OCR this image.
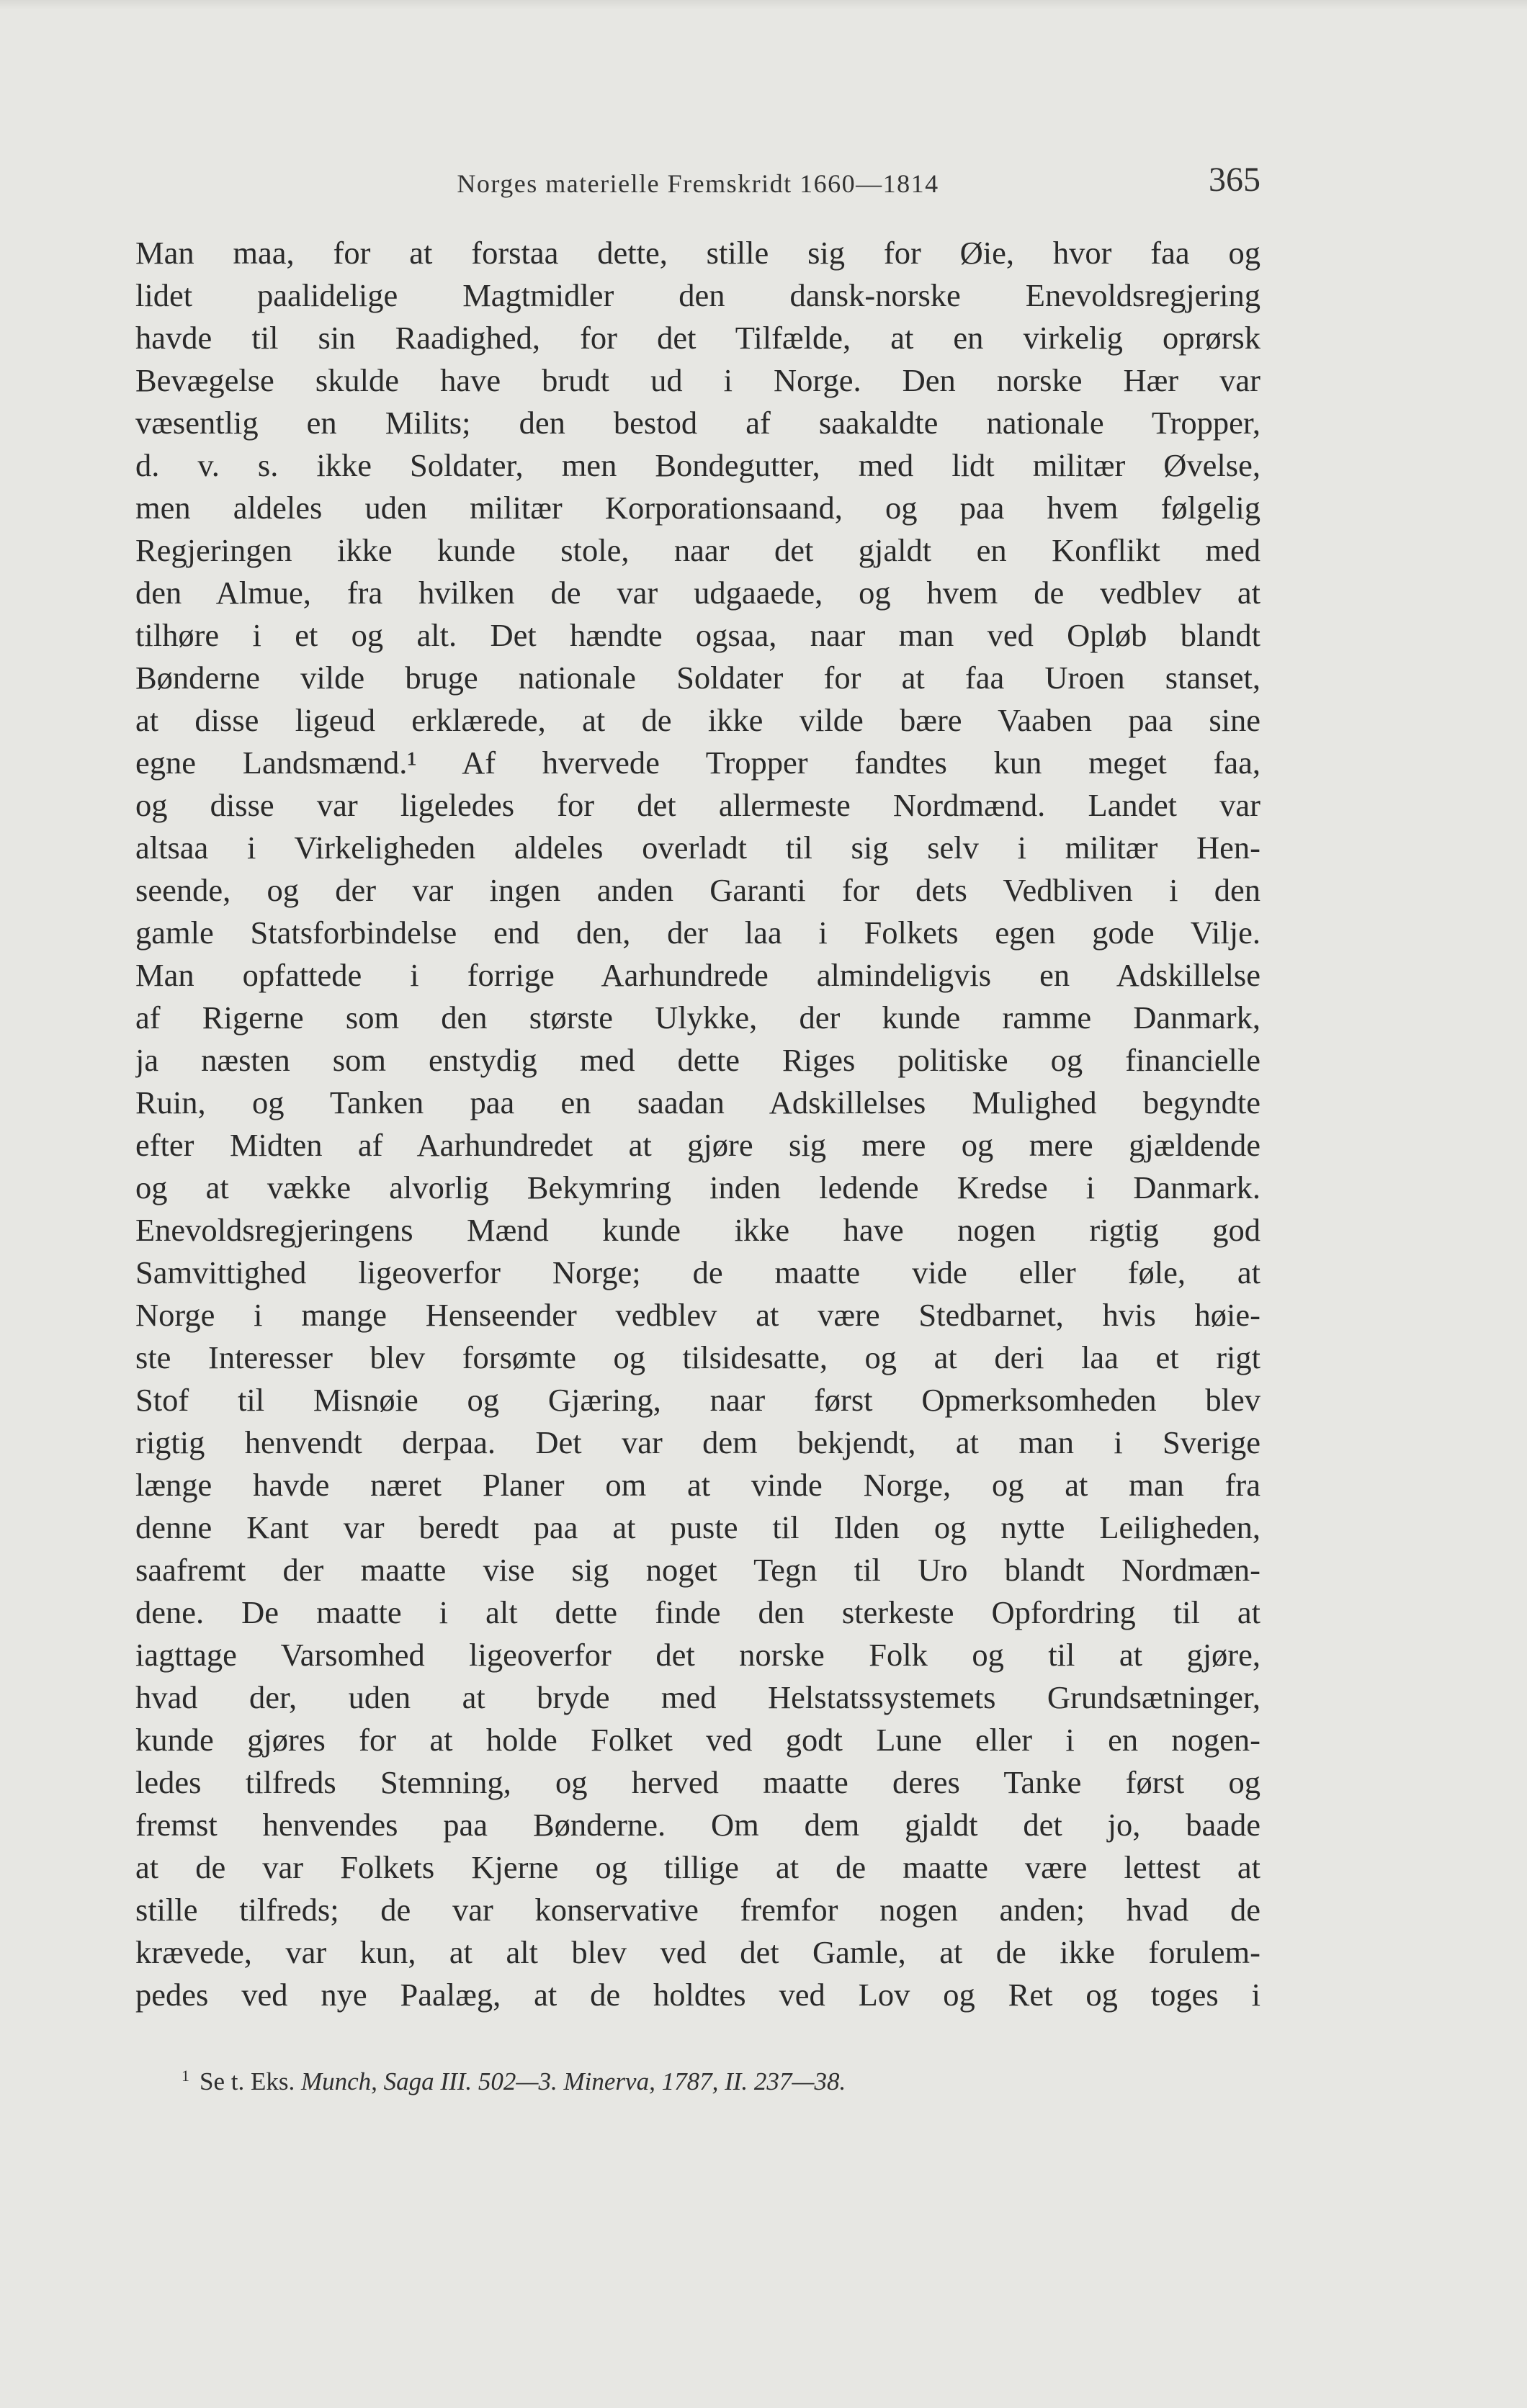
Norges materielle Fremskridt 1660—1814	365
Man maa, for at forstaa dette, stille sig for Øie, hvor faa og
lidet paalidelige Magtmidler den dansk-norske Enevoldsregjering
havde til sin Raadighed, for det Tilfælde, at en virkelig oprørsk
Bevægelse skulde have brudt ud i Norge. Den norske Hær var
væsentlig en Milits; den bestod af saakaldte nationale Tropper,
d. v. s. ikke Soldater, men Bondegutter, med lidt militær Øvelse,
men aldeles uden militær Korporationsaand, og paa hvem følgelig
Regjeringen ikke kunde stole, naar det gjaldt en Konflikt med
den Almue, fra hvilken de var udgaaede, og hvem de vedblev at
tilhøre i et og alt. Det hændte ogsaa, naar man ved Opløb blandt
Bønderne vilde bruge nationale Soldater for at faa Uroen stanset,
at disse ligeud erklærede, at de ikke vilde bære Vaaben paa sine
egne Landsmænd.¹ Af hvervede Tropper fandtes kun meget faa,
og disse var ligeledes for det allermeste Nordmænd. Landet var
altsaa i Virkeligheden aldeles overladt til sig selv i militær Hen-
seende, og der var ingen anden Garanti for dets Vedbliven i den
gamle Statsforbindelse end den, der laa i Folkets egen gode Vilje.
Man opfattede i forrige Aarhundrede almindeligvis en Adskillelse
af Rigerne som den største Ulykke, der kunde ramme Danmark,
ja næsten som enstydig med dette Riges politiske og financielle
Ruin, og Tanken paa en saadan Adskillelses Mulighed begyndte
efter Midten af Aarhundredet at gjøre sig mere og mere gjældende
og at vække alvorlig Bekymring inden ledende Kredse i Danmark.
Enevoldsregjeringens Mænd kunde ikke have nogen rigtig god
Samvittighed ligeoverfor Norge; de maatte vide eller føle, at
Norge i mange Henseender vedblev at være Stedbarnet, hvis høie-
ste Interesser blev forsømte og tilsidesatte, og at deri laa et rigt
Stof til Misnøie og Gjæring, naar først Opmerksomheden blev
rigtig henvendt derpaa. Det var dem bekjendt, at man i Sverige
længe havde næret Planer om at vinde Norge, og at man fra
denne Kant var beredt paa at puste til Ilden og nytte Leiligheden,
saafremt der maatte vise sig noget Tegn til Uro blandt Nordmæn-
dene. De maatte i alt dette finde den sterkeste Opfordring til at
iagttage Varsomhed ligeoverfor det norske Folk og til at gjøre,
hvad der, uden at bryde med Helstatssystemets Grundsætninger,
kunde gjøres for at holde Folket ved godt Lune eller i en nogen-
ledes tilfreds Stemning, og herved maatte deres Tanke først og
fremst henvendes paa Bønderne. Om dem gjaldt det jo, baade
at de var Folkets Kjerne og tillige at de maatte være lettest at
stille tilfreds; de var konservative fremfor nogen anden; hvad de
krævede, var kun, at alt blev ved det Gamle, at de ikke forulem-
pedes ved nye Paalæg, at de holdtes ved Lov og Ret og toges i
$^1$ Se t. Eks. Munch, Saga III. 502—3. Minerva, 1787, II. 237—38.
